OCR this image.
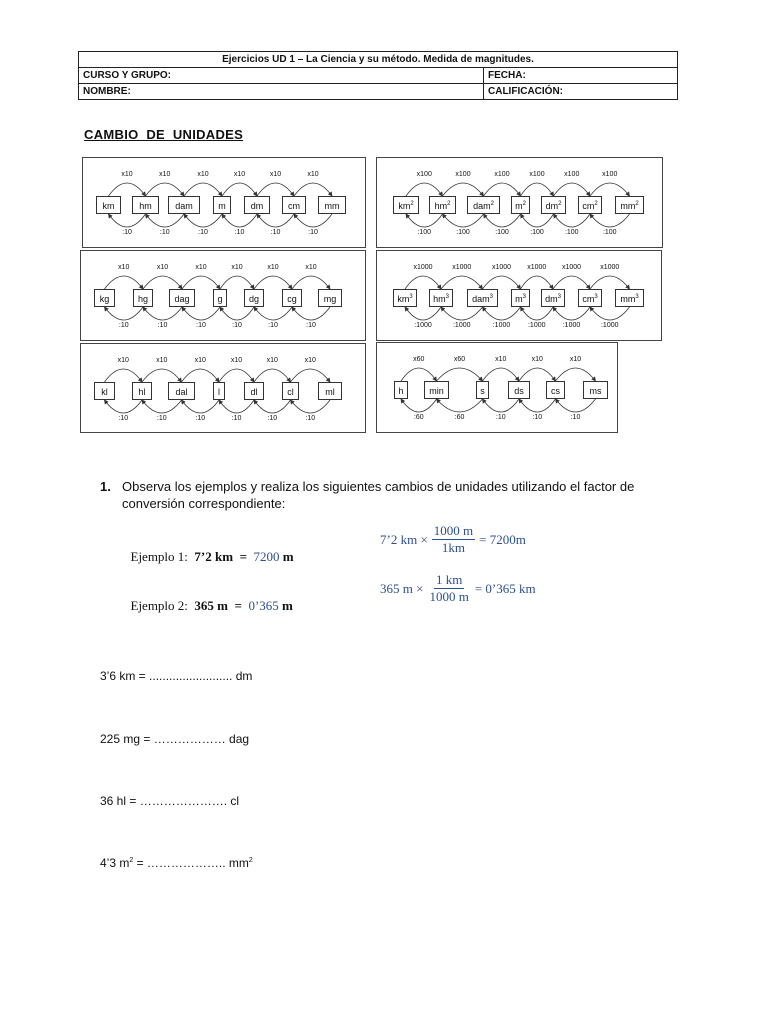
Ejercicios UD 1 – La Ciencia y su método. Medida de magnitudes.	
CURSO Y GRUPO:	FECHA:
NOMBRE:	CALIFICACIÓN:
CAMBIO  DE  UNIDADES
km	hm	dam	m	dm	cm	mm
x10
:10
x10
:10
x10
:10
x10
:10
x10
:10
x10
:10
$km^2$	$hm^2$	dam$^2$	$m^2$	$dm^2$	$cm^2$	$mm^2$
x100
:100
x100
:100
x100
:100
x100
:100
x100
:100
x100
:100
kg	hg	dag	g	dg	cg	mg
x10
:10
x10
:10
x10
:10
x10
:10
x10
:10
x10
:10
$km^3$	$hm^3$	dam$^3$	$m^3$	$dm^3$	$cm^3$	$mm^3$
x1000
:1000
x1000
:1000
x1000
:1000
x1000
:1000
x1000
:1000
x1000
:1000
kl	hl	dal	l	dl	cl	ml
x10
:10
x10
:10
x10
:10
x10
:10
x10
:10
x10
:10
h	min	s	ds	cs	ms
x60
:60
x60
:60
x10
:10
x10
:10
x10
:10
1. Observa los ejemplos y realiza los siguientes cambios de unidades utilizando el factor de conversión correspondiente:

Ejemplo 1: 7’2 km = 7200 m

7’2 km × $\frac{1000 m}{1km} = 7200m$

Ejemplo 2: 365 m = 0’365 m

365 $m \times \frac{1 km}{1000 m}$ = 0’365 km
3’6 km = ......................... dm
225 mg = ……………… dag
36 hl = …………………. cl
4’3 $m^2$ = ……………….. $mm^2$
